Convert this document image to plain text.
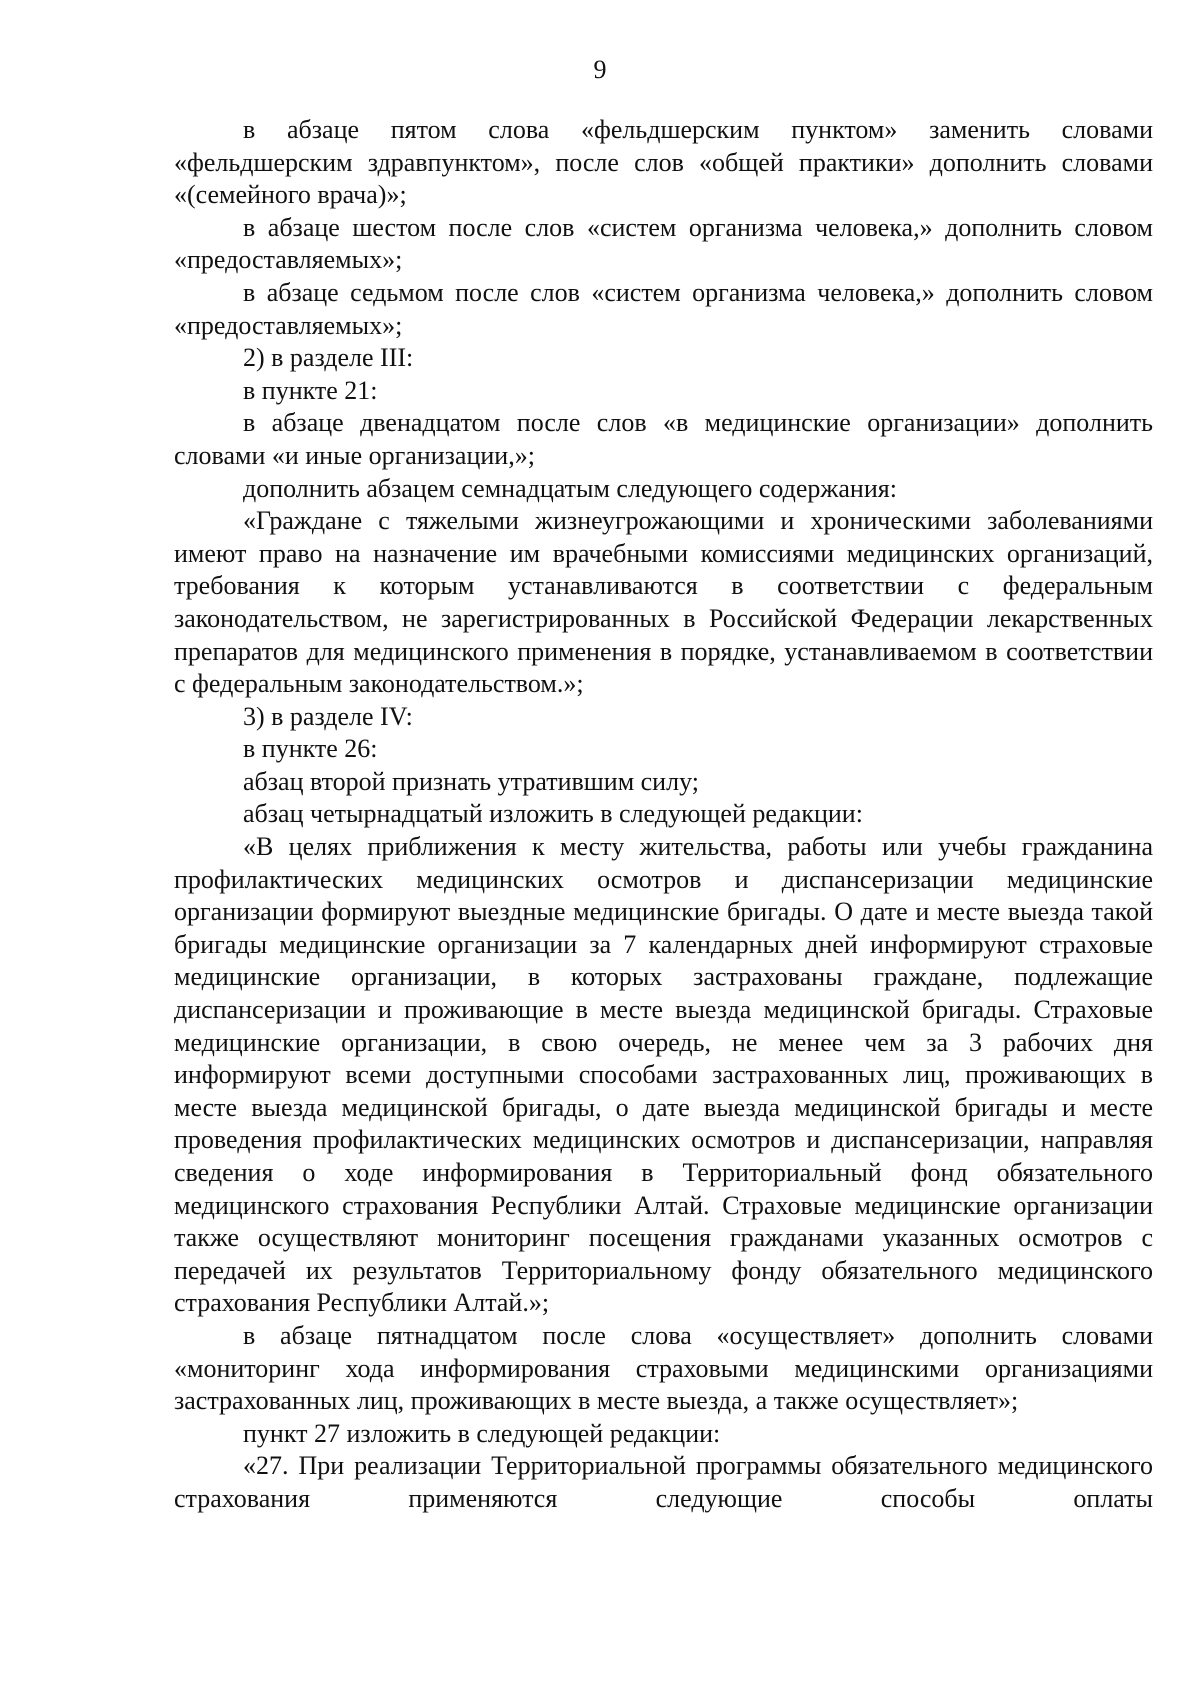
9

в абзаце пятом слова «фельдшерским пунктом» заменить словами «фельдшерским здравпунктом», после слов «общей практики» дополнить словами «(семейного врача)»;

в абзаце шестом после слов «систем организма человека,» дополнить словом «предоставляемых»;

в абзаце седьмом после слов «систем организма человека,» дополнить словом «предоставляемых»;

2) в разделе III:

в пункте 21:

в абзаце двенадцатом после слов «в медицинские организации» дополнить словами «и иные организации,»;

дополнить абзацем семнадцатым следующего содержания:

«Граждане с тяжелыми жизнеугрожающими и хроническими заболеваниями имеют право на назначение им врачебными комиссиями медицинских организаций, требования к которым устанавливаются в соответствии с федеральным законодательством, не зарегистрированных в Российской Федерации лекарственных препаратов для медицинского применения в порядке, устанавливаемом в соответствии с федеральным законодательством.»;

3) в разделе IV:

в пункте 26:

абзац второй признать утратившим силу;

абзац четырнадцатый изложить в следующей редакции:

«В целях приближения к месту жительства, работы или учебы гражданина профилактических медицинских осмотров и диспансеризации медицинские организации формируют выездные медицинские бригады. О дате и месте выезда такой бригады медицинские организации за 7 календарных дней информируют страховые медицинские организации, в которых застрахованы граждане, подлежащие диспансеризации и проживающие в месте выезда медицинской бригады. Страховые медицинские организации, в свою очередь, не менее чем за 3 рабочих дня информируют всеми доступными способами застрахованных лиц, проживающих в месте выезда медицинской бригады, о дате выезда медицинской бригады и месте проведения профилактических медицинских осмотров и диспансеризации, направляя сведения о ходе информирования в Территориальный фонд обязательного медицинского страхования Республики Алтай. Страховые медицинские организации также осуществляют мониторинг посещения гражданами указанных осмотров с передачей их результатов Территориальному фонду обязательного медицинского страхования Республики Алтай.»;

в абзаце пятнадцатом после слова «осуществляет» дополнить словами «мониторинг хода информирования страховыми медицинскими организациями застрахованных лиц, проживающих в месте выезда, а также осуществляет»;

пункт 27 изложить в следующей редакции:

«27. При реализации Территориальной программы обязательного медицинского страхования применяются следующие способы оплаты
